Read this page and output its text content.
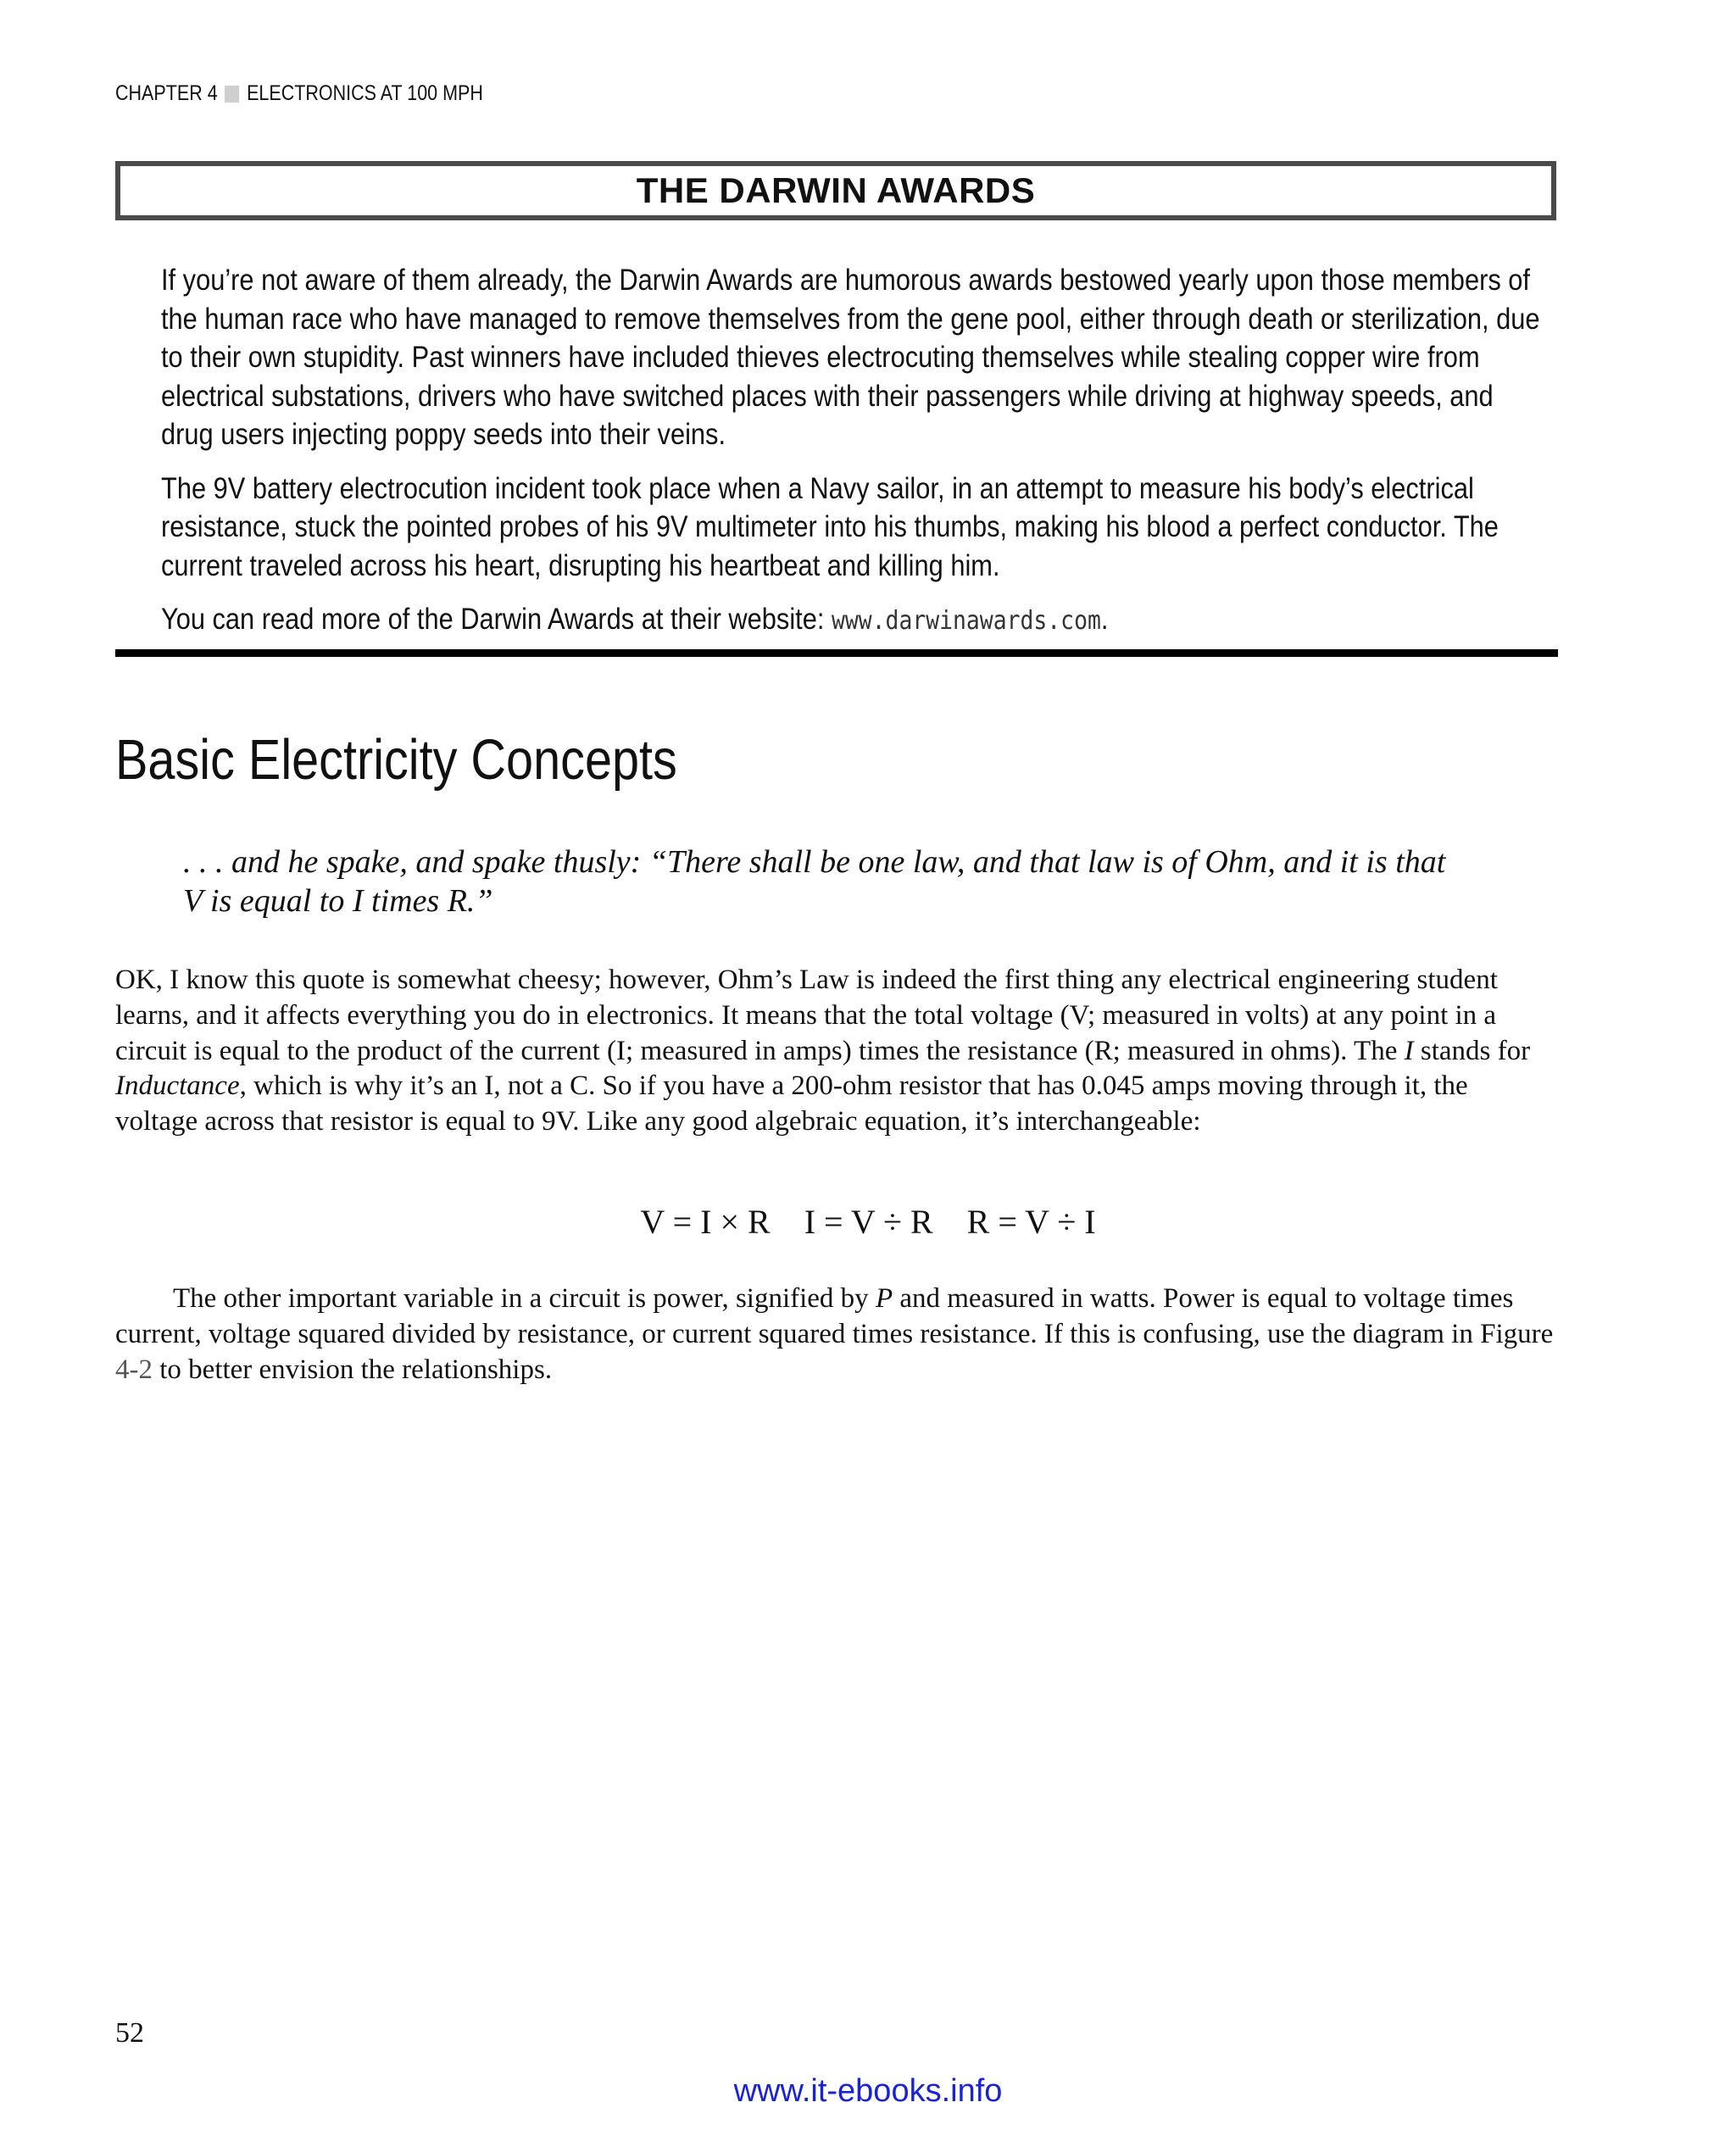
CHAPTER 4 ELECTRONICS AT 100 MPH
THE DARWIN AWARDS

If you’re not aware of them already, the Darwin Awards are humorous awards bestowed yearly upon those members of the human race who have managed to remove themselves from the gene pool, either through death or sterilization, due to their own stupidity. Past winners have included thieves electrocuting themselves while stealing copper wire from electrical substations, drivers who have switched places with their passengers while driving at highway speeds, and drug users injecting poppy seeds into their veins.

The 9V battery electrocution incident took place when a Navy sailor, in an attempt to measure his body’s electrical resistance, stuck the pointed probes of his 9V multimeter into his thumbs, making his blood a perfect conductor. The current traveled across his heart, disrupting his heartbeat and killing him.

You can read more of the Darwin Awards at their website: www.darwinawards.com.

Basic Electricity Concepts
. . . and he spake, and spake thusly: “There shall be one law, and that law is of Ohm, and it is that
V is equal to I times R.”
OK, I know this quote is somewhat cheesy; however, Ohm’s Law is indeed the first thing any electrical engineering student learns, and it affects everything you do in electronics. It means that the total voltage (V; measured in volts) at any point in a circuit is equal to the product of the current (I; measured in amps) times the resistance (R; measured in ohms). The I stands for Inductance, which is why it’s an I, not a C. So if you have a 200-ohm resistor that has 0.045 amps moving through it, the voltage across that resistor is equal to 9V. Like any good algebraic equation, it’s interchangeable:
V = I × R    I = V ÷ R    R = V ÷ I
The other important variable in a circuit is power, signified by P and measured in watts. Power is equal to voltage times current, voltage squared divided by resistance, or current squared times resistance. If this is confusing, use the diagram in Figure 4-2 to better envision the relationships.
52
www.it-ebooks.info
